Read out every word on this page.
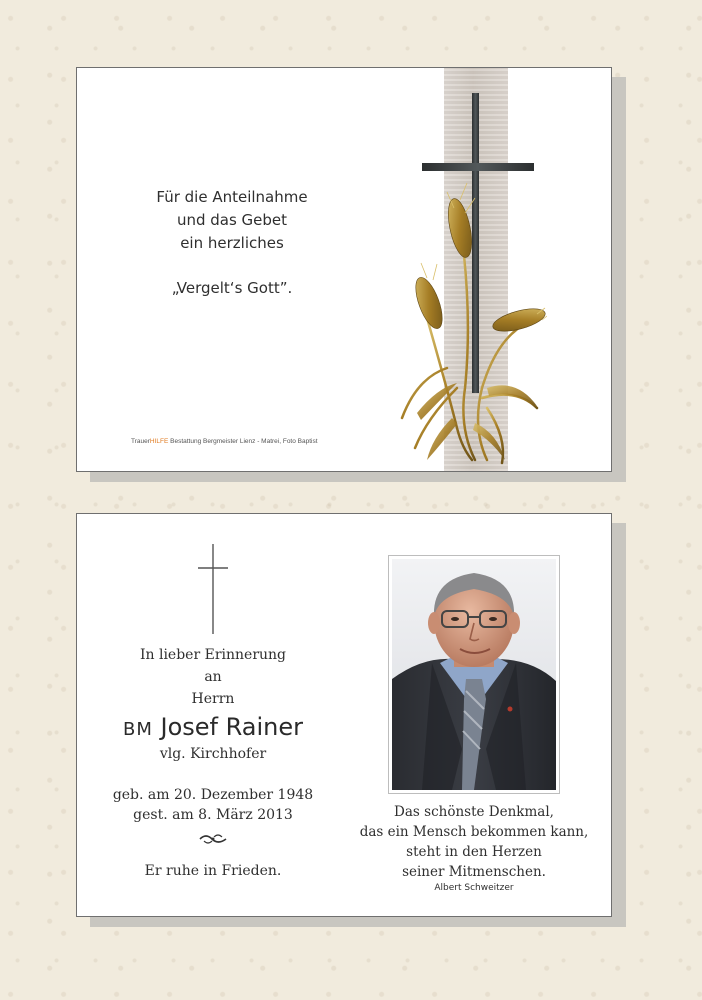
Für die Anteilnahme
und das Gebet
ein herzliches
„Vergelt‘s Gott”.
TrauerHILFE Bestattung Bergmeister Lienz - Matrei, Foto Baptist
In lieber Erinnerung
an
Herrn
BM Josef Rainer
vlg. Kirchhofer
geb. am 20. Dezember 1948
gest. am 8. März 2013
Er ruhe in Frieden.
Das schönste Denkmal,
das ein Mensch bekommen kann,
steht in den Herzen
seiner Mitmenschen.
Albert Schweitzer
